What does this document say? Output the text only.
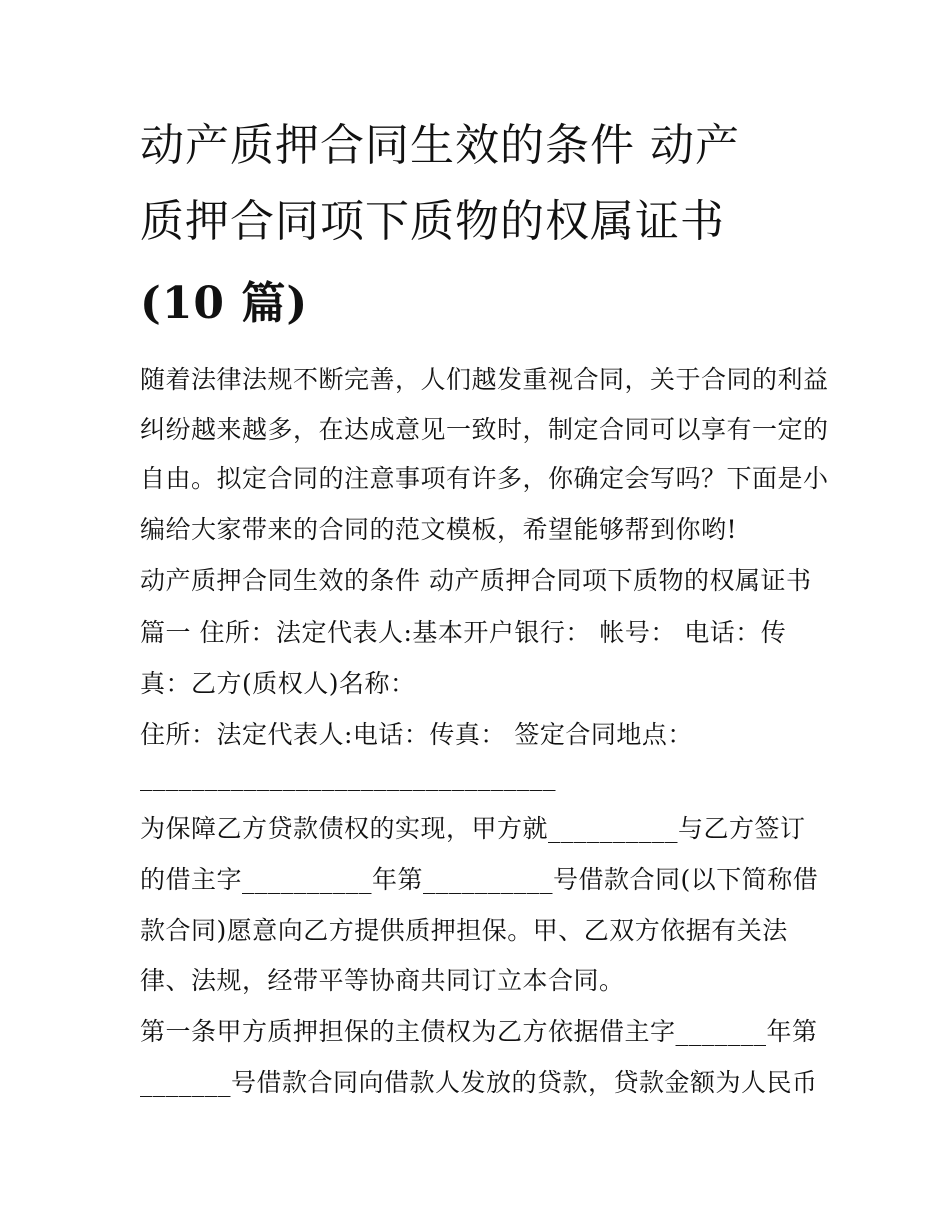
动产质押合同生效的条件 动产
质押合同项下质物的权属证书
(10 篇)
随着法律法规不断完善，人们越发重视合同，关于合同的利益
纠纷越来越多，在达成意见一致时，制定合同可以享有一定的
自由。拟定合同的注意事项有许多，你确定会写吗？下面是小
编给大家带来的合同的范文模板，希望能够帮到你哟!
动产质押合同生效的条件 动产质押合同项下质物的权属证书
篇一 住所：法定代表人:基本开户银行： 帐号： 电话：传
真：乙方(质权人)名称：
住所：法定代表人:电话：传真： 签定合同地点：
________________________________
为保障乙方贷款债权的实现，甲方就__________与乙方签订
的借主字__________年第__________号借款合同(以下简称借
款合同)愿意向乙方提供质押担保。甲、乙双方依据有关法
律、法规，经带平等协商共同订立本合同。
第一条甲方质押担保的主债权为乙方依据借主字_______年第
_______号借款合同向借款人发放的贷款，贷款金额为人民币
